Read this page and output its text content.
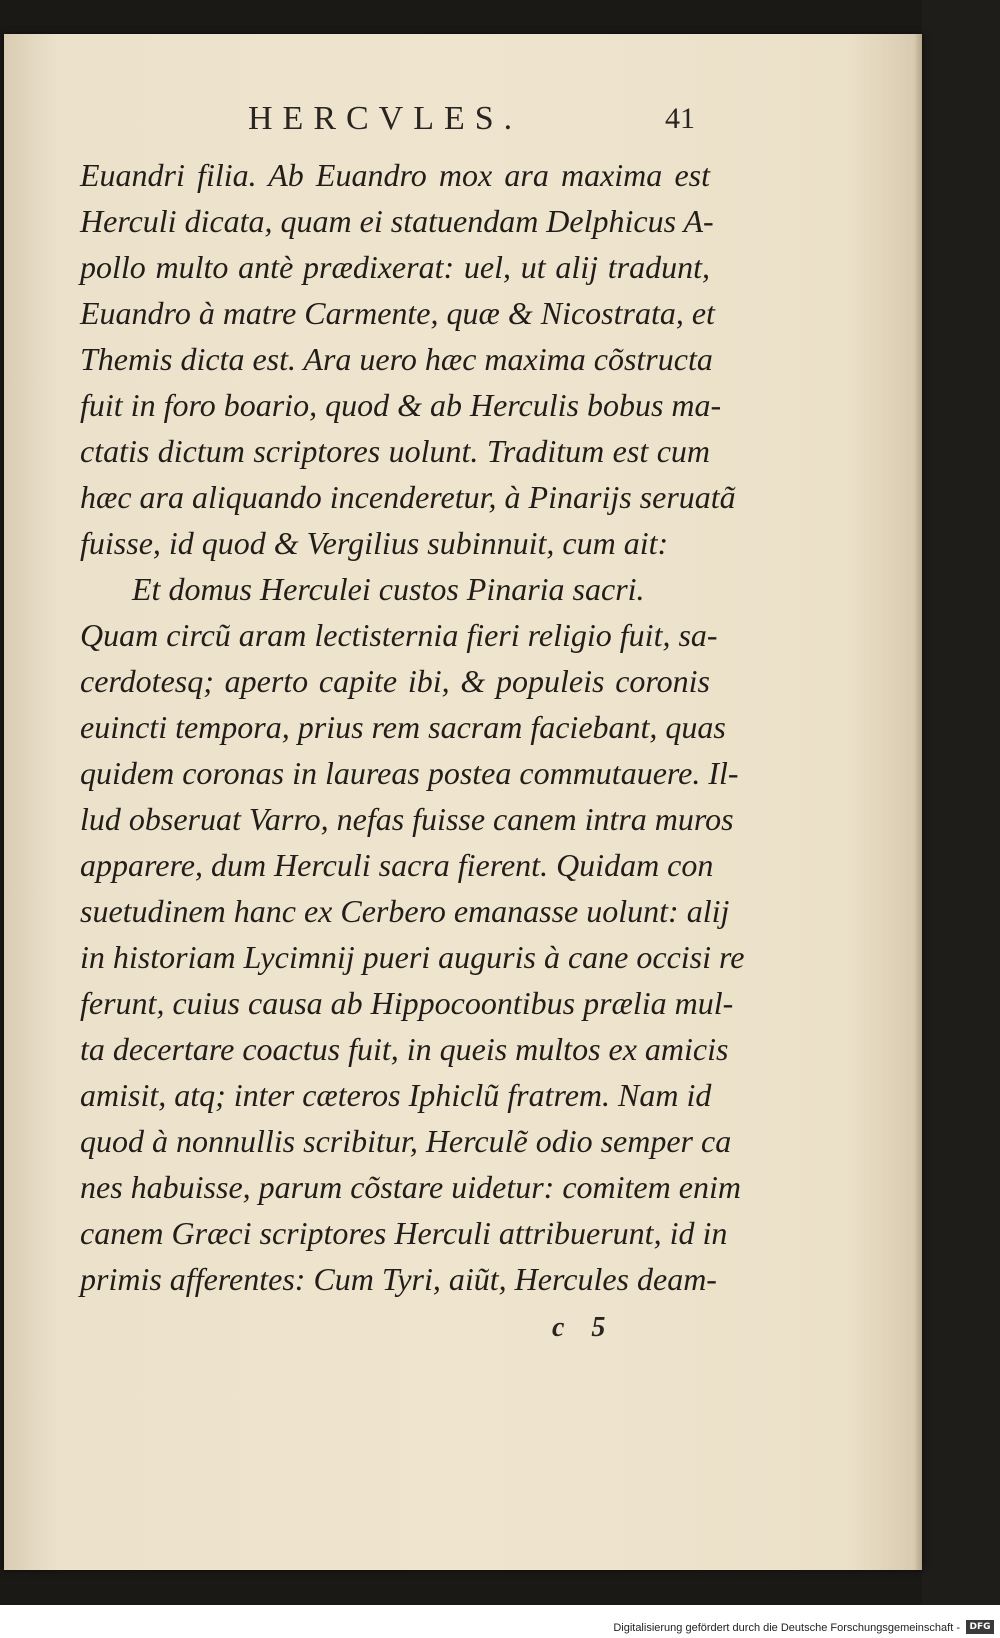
HERCVLES.	41
Euandri filia. Ab Euandro mox ara maxima est
Herculi dicata, quam ei statuendam Delphicus A-
pollo multo antè prædixerat: uel, ut alij tradunt,
Euandro à matre Carmente, quæ & Nicostrata, et
Themis dicta est. Ara uero hæc maxima cõstructa
fuit in foro boario, quod & ab Herculis bobus ma-
ctatis dictum scriptores uolunt. Traditum est cum
hæc ara aliquando incenderetur, à Pinarijs seruatã
fuisse, id quod & Vergilius subinnuit, cum ait:
Et domus Herculei custos Pinaria sacri.
Quam circũ aram lectisternia fieri religio fuit, sa-
cerdotesq; aperto capite ibi, & populeis coronis
euincti tempora, prius rem sacram faciebant, quas
quidem coronas in laureas postea commutauere. Il-
lud obseruat Varro, nefas fuisse canem intra muros
apparere, dum Herculi sacra fierent. Quidam con
suetudinem hanc ex Cerbero emanasse uolunt: alij
in historiam Lycimnij pueri auguris à cane occisi re
ferunt, cuius causa ab Hippocoontibus prælia mul-
ta decertare coactus fuit, in queis multos ex amicis
amisit, atq; inter cæteros Iphiclũ fratrem. Nam id
quod à nonnullis scribitur, Herculẽ odio semper ca
nes habuisse, parum cõstare uidetur: comitem enim
canem Græci scriptores Herculi attribuerunt, id in
primis afferentes: Cum Tyri, aiũt, Hercules deam-
c 5
Digitalisierung gefördert durch die Deutsche Forschungsgemeinschaft -	DFG
